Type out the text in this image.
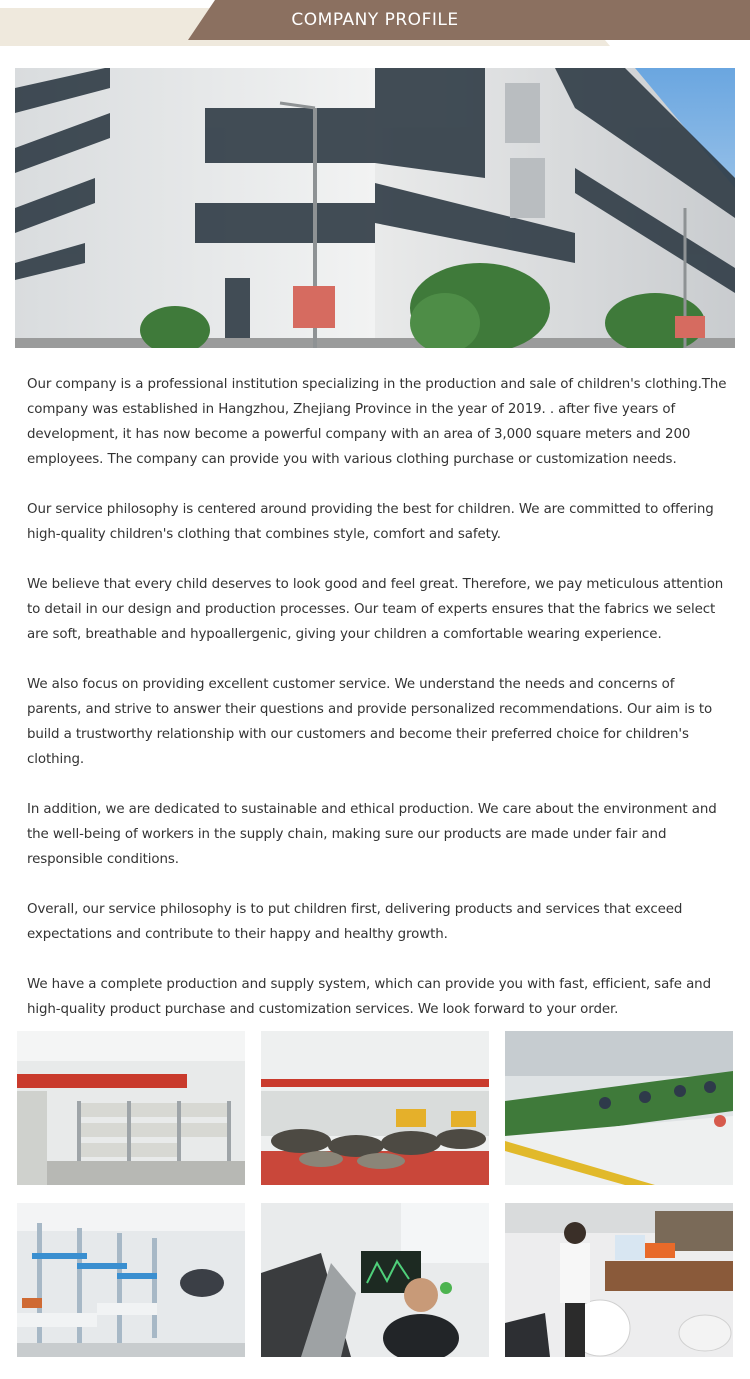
COMPANY PROFILE

Our company is a professional institution specializing in the production and sale of children's clothing.The company was established in Hangzhou, Zhejiang Province in the year of 2019. . after five years of development, it has now become a powerful company with an area of 3,000 square meters and 200 employees. The company can provide you with various clothing purchase or customization needs.

Our service philosophy is centered around providing the best for children. We are committed to offering high-quality children's clothing that combines style, comfort and safety.

We believe that every child deserves to look good and feel great. Therefore, we pay meticulous attention to detail in our design and production processes. Our team of experts ensures that the fabrics we select are soft, breathable and hypoallergenic, giving your children a comfortable wearing experience.

We also focus on providing excellent customer service. We understand the needs and concerns of parents, and strive to answer their questions and provide personalized recommendations. Our aim is to build a trustworthy relationship with our customers and become their preferred choice for children's clothing.

In addition, we are dedicated to sustainable and ethical production. We care about the environment and the well-being of workers in the supply chain, making sure our products are made under fair and responsible conditions.

Overall, our service philosophy is to put children first, delivering products and services that exceed expectations and contribute to their happy and healthy growth.

We have a complete production and supply system, which can provide you with fast, efficient, safe and high-quality product purchase and customization services. We look forward to your order.
